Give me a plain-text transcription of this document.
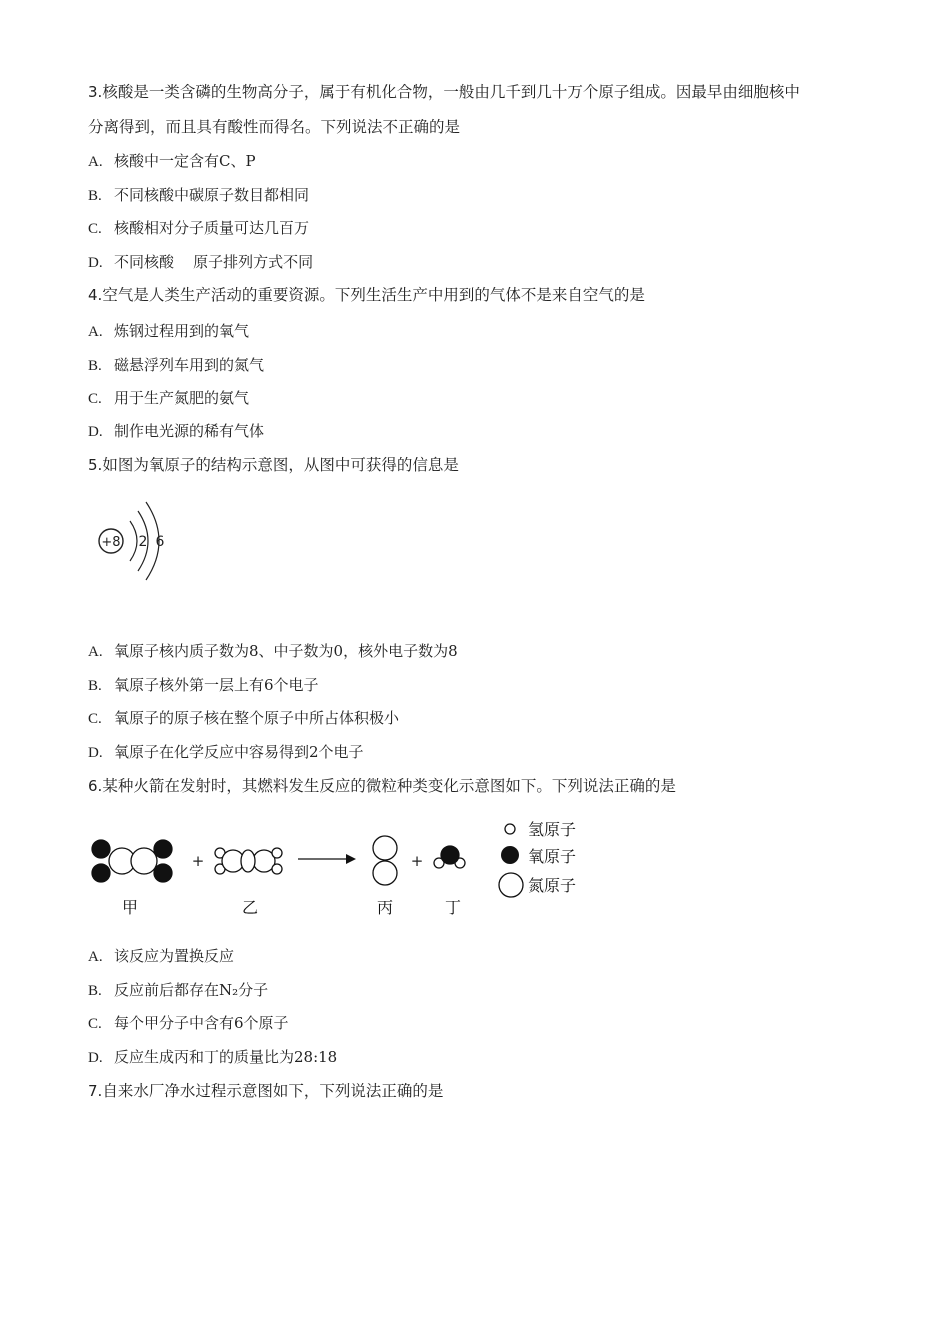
3.核酸是一类含磷的生物高分子，属于有机化合物，一般由几千到几十万个原子组成。因最早由细胞核中
分离得到，而且具有酸性而得名。下列说法不正确的是
A. 核酸中一定含有C、P
B. 不同核酸中碳原子数目都相同
C. 核酸相对分子质量可达几百万
D. 不同核酸    原子排列方式不同
4.空气是人类生产活动的重要资源。下列生活生产中用到的气体不是来自空气的是
A. 炼钢过程用到的氧气
B. 磁悬浮列车用到的氮气
C. 用于生产氮肥的氨气
D. 制作电光源的稀有气体
5.如图为氧原子的结构示意图，从图中可获得的信息是
+8 2 6
A. 氧原子核内质子数为8、中子数为0，核外电子数为8
B. 氧原子核外第一层上有6个电子
C. 氧原子的原子核在整个原子中所占体积极小
D. 氧原子在化学反应中容易得到2个电子
6.某种火箭在发射时，其燃料发生反应的微粒种类变化示意图如下。下列说法正确的是
+	+
甲	乙	丙	丁
氢原子
氧原子
氮原子
A. 该反应为置换反应
B. 反应前后都存在N₂分子
C. 每个甲分子中含有6个原子
D. 反应生成丙和丁的质量比为28:18
7.自来水厂净水过程示意图如下，下列说法正确的是
